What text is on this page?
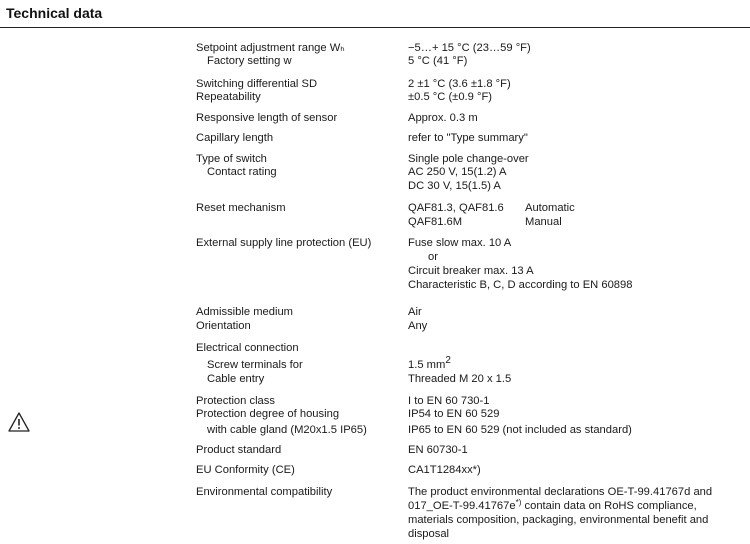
Technical data
Setpoint adjustment range Wₕ
Factory setting w
Switching differential SD
Repeatability
Responsive length of sensor
Capillary length
Type of switch
Contact rating
Reset mechanism
External supply line protection (EU)
Admissible medium
Orientation
Electrical connection
Screw terminals for
Cable entry
Protection class
Protection degree of housing
with cable gland (M20x1.5 IP65)
Product standard
EU Conformity (CE)
Environmental compatibility
−5…+ 15 °C (23…59 °F)
5 °C (41 °F)
2 ±1 °C (3.6 ±1.8 °F)
±0.5 °C (±0.9 °F)
Approx. 0.3 m
refer to "Type summary"
Single pole change-over
AC 250 V, 15(1.2) A
DC 30 V, 15(1.5) A
QAF81.3, QAF81.6 Automatic
QAF81.6M	Manual
Fuse slow max. 10 A
or
Circuit breaker max. 13 A
Characteristic B, C, D according to EN 60898
Air
Any
1.5 $mm^2$
Threaded M 20 x 1.5
I to EN 60 730-1
IP54 to EN 60 529
IP65 to EN 60 529 (not included as standard)
EN 60730-1
CA1T1284xx*)
The product environmental declarations OE-T-99.41767d and
017_OE-T-99.41767e*) contain data on RoHS compliance,
materials composition, packaging, environmental benefit and
disposal
